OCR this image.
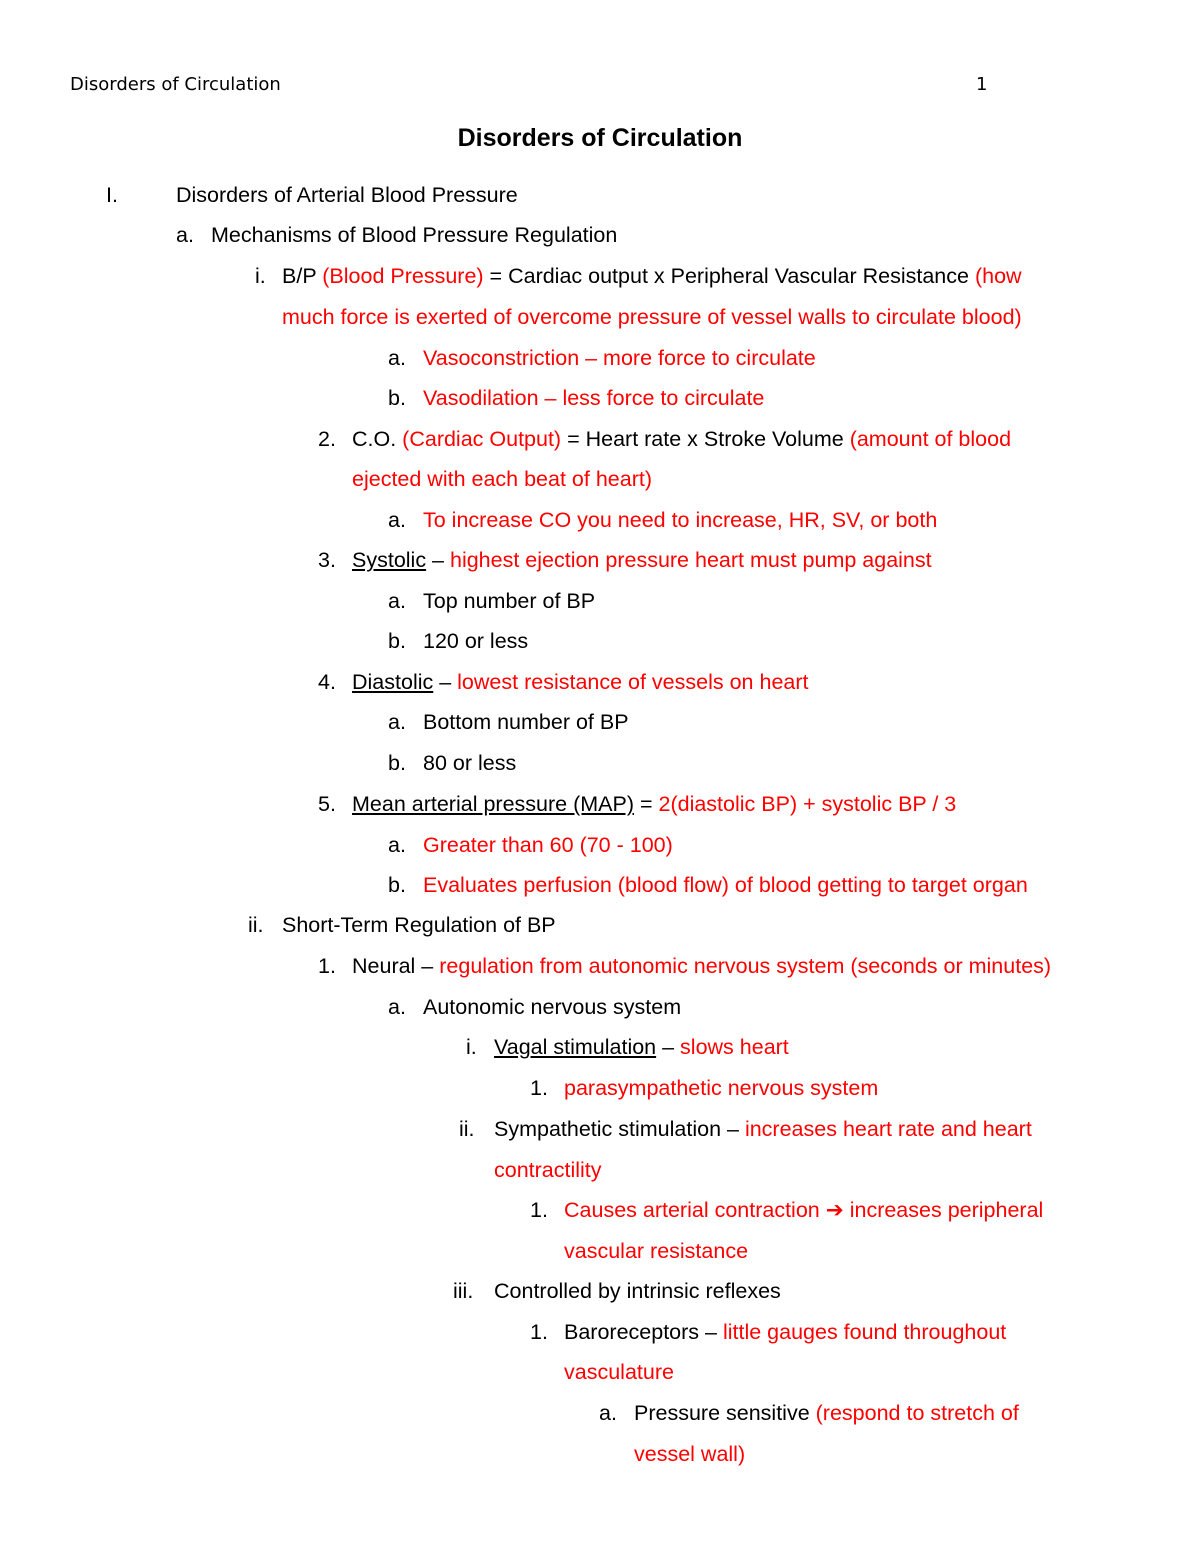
Disorders of Circulation	1
Disorders of Circulation
I.	Disorders of Arterial Blood Pressure
a. Mechanisms of Blood Pressure Regulation
i. B/P (Blood Pressure) = Cardiac output x Peripheral Vascular Resistance (how
much force is exerted of overcome pressure of vessel walls to circulate blood)
a. Vasoconstriction – more force to circulate
b. Vasodilation – less force to circulate
2. C.O. (Cardiac Output) = Heart rate x Stroke Volume (amount of blood
ejected with each beat of heart)
a. To increase CO you need to increase, HR, SV, or both
3. Systolic – highest ejection pressure heart must pump against
a. Top number of BP
b. 120 or less
4. Diastolic – lowest resistance of vessels on heart
a. Bottom number of BP
b. 80 or less
5. Mean arterial pressure (MAP) = 2(diastolic BP) + systolic BP / 3
a. Greater than 60 (70 - 100)
b. Evaluates perfusion (blood flow) of blood getting to target organ
ii. Short-Term Regulation of BP
1. Neural – regulation from autonomic nervous system (seconds or minutes)
a. Autonomic nervous system
i. Vagal stimulation – slows heart
1. parasympathetic nervous system
ii. Sympathetic stimulation – increases heart rate and heart
contractility
1. Causes arterial contraction ➔ increases peripheral
vascular resistance
iii. Controlled by intrinsic reflexes
1. Baroreceptors – little gauges found throughout
vasculature
a. Pressure sensitive (respond to stretch of
vessel wall)
